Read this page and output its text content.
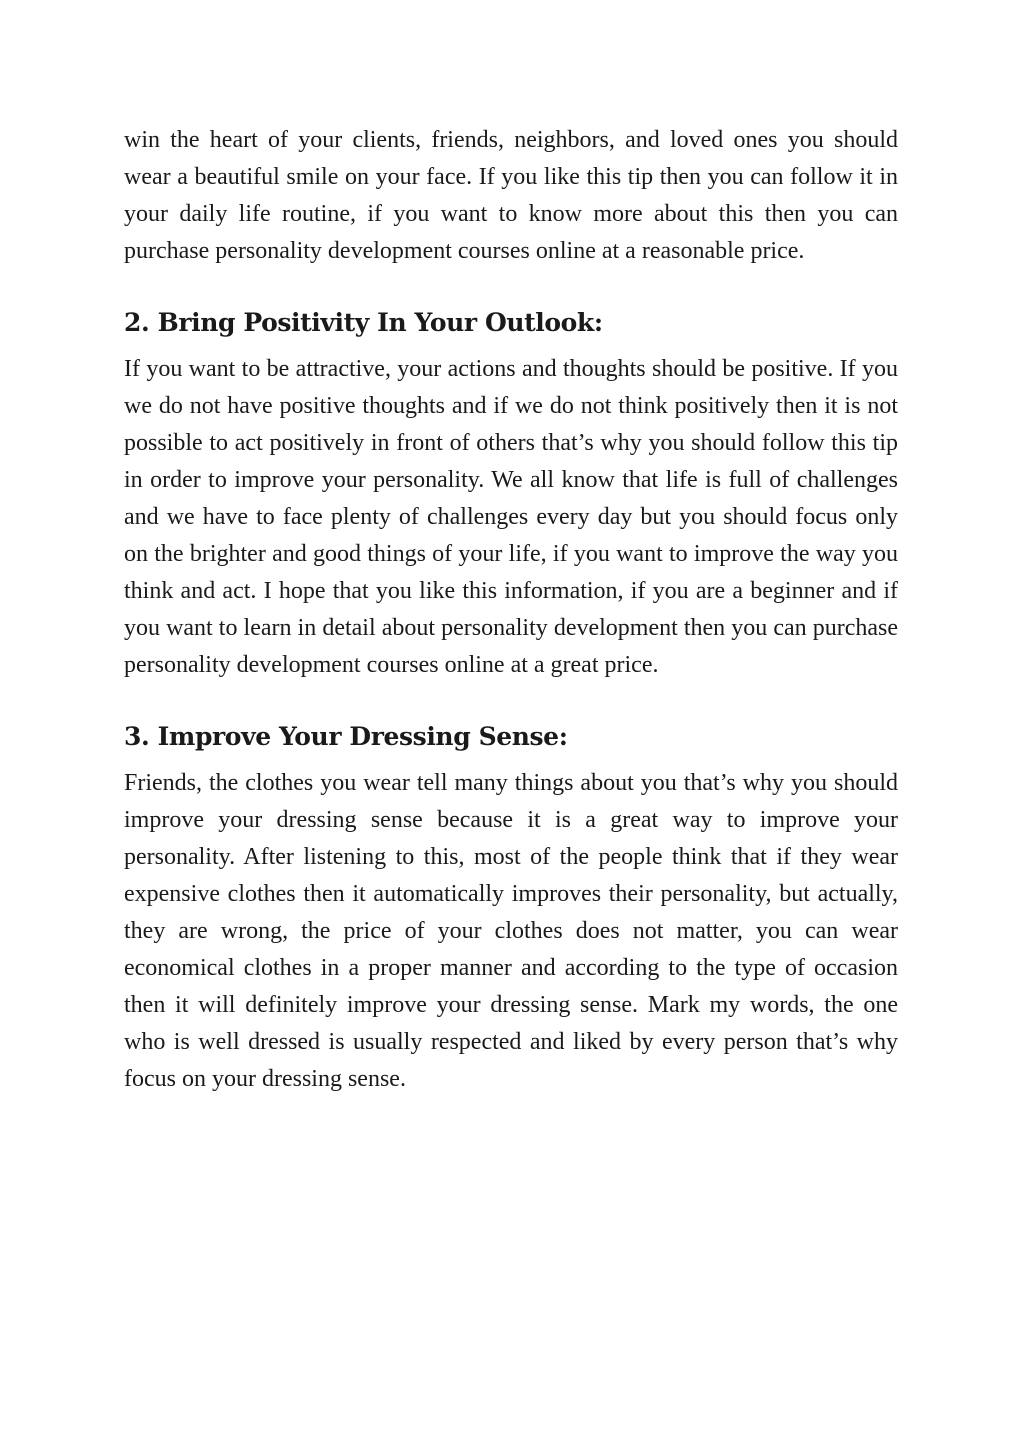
win the heart of your clients, friends, neighbors, and loved ones you should wear a beautiful smile on your face. If you like this tip then you can follow it in your daily life routine, if you want to know more about this then you can purchase personality development courses online at a reasonable price.

2. Bring Positivity In Your Outlook:

If you want to be attractive, your actions and thoughts should be positive. If you we do not have positive thoughts and if we do not think positively then it is not possible to act positively in front of others that’s why you should follow this tip in order to improve your personality. We all know that life is full of challenges and we have to face plenty of challenges every day but you should focus only on the brighter and good things of your life, if you want to improve the way you think and act. I hope that you like this information, if you are a beginner and if you want to learn in detail about personality development then you can purchase personality development courses online at a great price.

3. Improve Your Dressing Sense:

Friends, the clothes you wear tell many things about you that’s why you should improve your dressing sense because it is a great way to improve your personality. After listening to this, most of the people think that if they wear expensive clothes then it automatically improves their personality, but actually, they are wrong, the price of your clothes does not matter, you can wear economical clothes in a proper manner and according to the type of occasion then it will definitely improve your dressing sense. Mark my words, the one who is well dressed is usually respected and liked by every person that’s why focus on your dressing sense.
